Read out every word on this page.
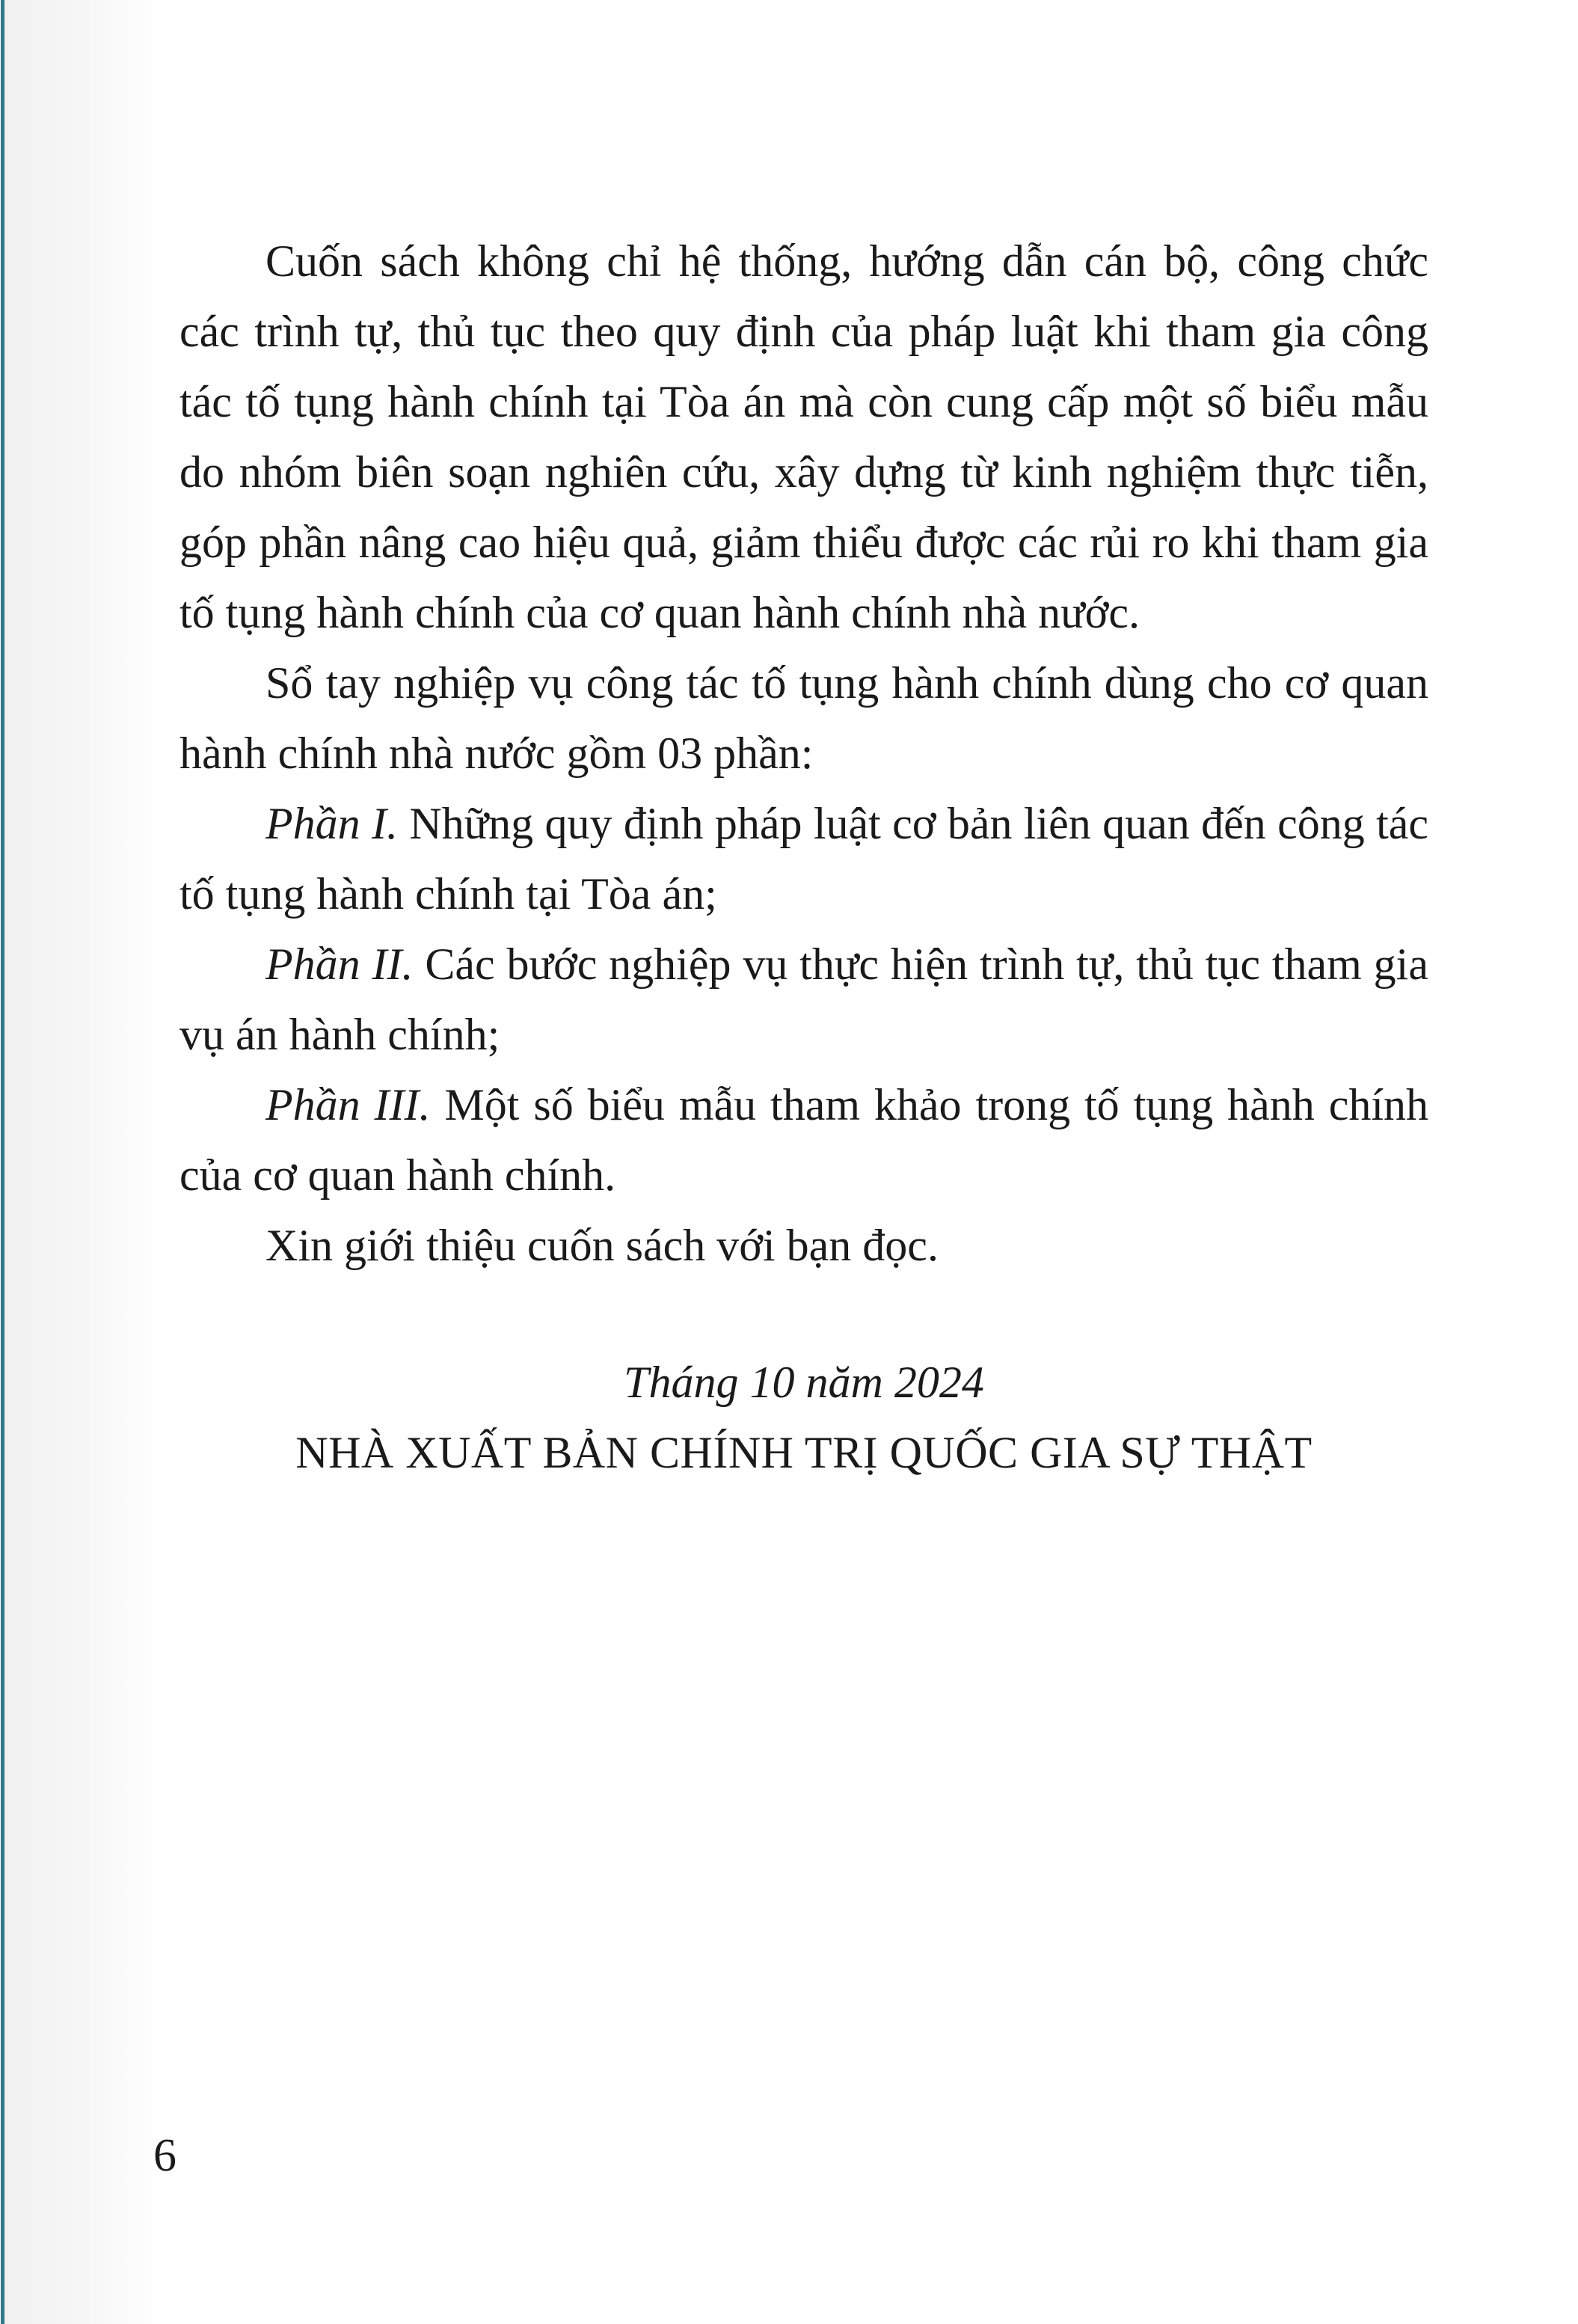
Cuốn sách không chỉ hệ thống, hướng dẫn cán bộ, công chức các trình tự, thủ tục theo quy định của pháp luật khi tham gia công tác tố tụng hành chính tại Tòa án mà còn cung cấp một số biểu mẫu do nhóm biên soạn nghiên cứu, xây dựng từ kinh nghiệm thực tiễn, góp phần nâng cao hiệu quả, giảm thiểu được các rủi ro khi tham gia tố tụng hành chính của cơ quan hành chính nhà nước.

Sổ tay nghiệp vụ công tác tố tụng hành chính dùng cho cơ quan hành chính nhà nước gồm 03 phần:

Phần I. Những quy định pháp luật cơ bản liên quan đến công tác tố tụng hành chính tại Tòa án;

Phần II. Các bước nghiệp vụ thực hiện trình tự, thủ tục tham gia vụ án hành chính;

Phần III. Một số biểu mẫu tham khảo trong tố tụng hành chính của cơ quan hành chính.

Xin giới thiệu cuốn sách với bạn đọc.

Tháng 10 năm 2024

NHÀ XUẤT BẢN CHÍNH TRỊ QUỐC GIA SỰ THẬT

6
